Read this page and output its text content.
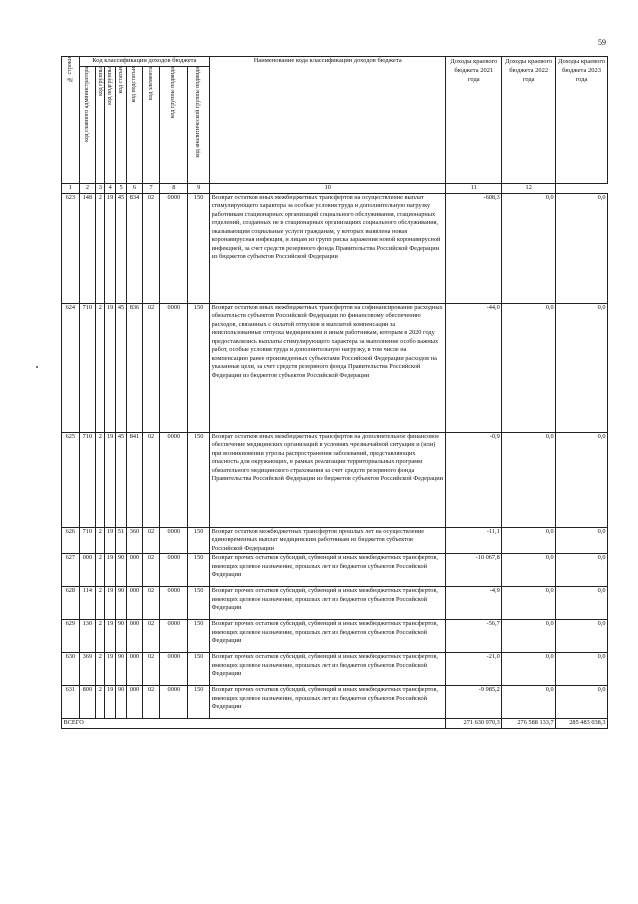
59
№ строки	Код классификации доходов бюджета								Наименование кода классификации доходов бюджета	Доходы краевого бюджета 2021 года	Доходы краевого бюджета 2022 года	Доходы краевого бюджета 2023 года

	код главного администратора	код группы	код подгруппы	код статьи	код подстатьи	код элемента	код группы подвида	код аналитической группы подвида				

1	2	3	4	5	6	7	8	9	10	11	12	
623	148	2	19	45	834	02	0000	150	Возврат остатков иных межбюджетных трансфертов на осуществление выплат стимулирующего характера за особые условия труда и дополнительную нагрузку работникам стационарных организаций социального обслуживания, стационарных отделений, созданных не в стационарных организациях социального обслуживания, оказывающим социальные услуги гражданам, у которых выявлена новая коронавирусная инфекция, и лицам из групп риска заражения новой коронавирусной инфекцией, за счет средств резервного фонда Правительства Российской Федерации из бюджетов субъектов Российской Федерации	-608,3	0,0	0,0
624	710	2	19	45	836	02	0000	150	Возврат остатков иных межбюджетных трансфертов на софинансирование расходных обязательств субъектов Российской Федерации по финансовому обеспечению расходов, связанных с оплатой отпусков и выплатой компенсации за неиспользованные отпуска медицинским и иным работникам, которым в 2020 году предоставлялись выплаты стимулирующего характера за выполнение особо важных работ, особые условия труда и дополнительную нагрузку, в том числе на компенсацию ранее произведенных субъектами Российской Федерации расходов на указанные цели, за счет средств резервного фонда Правительства Российской Федерации из бюджетов субъектов Российской Федерации	-44,0	0,0	0,0
625	710	2	19	45	841	02	0000	150	Возврат остатков иных межбюджетных трансфертов на дополнительное финансовое обеспечение медицинских организаций в условиях чрезвычайной ситуации и (или) при возникновении угрозы распространения заболеваний, представляющих опасность для окружающих, в рамках реализации территориальных программ обязательного медицинского страхования за счет средств резервного фонда Правительства Российской Федерации из бюджетов субъектов Российской Федерации	-0,9	0,0	0,0
626	710	2	19	51	360	02	0000	150	Возврат остатков межбюджетных трансфертов прошлых лет на осуществление единовременных выплат медицинским работникам из бюджетов субъектов Российской Федерации	-11,1	0,0	0,0
627	000	2	19	90	000	02	0000	150	Возврат прочих остатков субсидий, субвенций и иных межбюджетных трансфертов, имеющих целевое назначение, прошлых лет из бюджетов субъектов Российской Федерации	-10 067,8	0,0	0,0
628	114	2	19	90	000	02	0000	150	Возврат прочих остатков субсидий, субвенций и иных межбюджетных трансфертов, имеющих целевое назначение, прошлых лет из бюджетов субъектов Российской Федерации	-4,9	0,0	0,0
629	130	2	19	90	000	02	0000	150	Возврат прочих остатков субсидий, субвенций и иных межбюджетных трансфертов, имеющих целевое назначение, прошлых лет из бюджетов субъектов Российской Федерации	-56,7	0,0	0,0
630	369	2	19	90	000	02	0000	150	Возврат прочих остатков субсидий, субвенций и иных межбюджетных трансфертов, имеющих целевое назначение, прошлых лет из бюджетов субъектов Российской Федерации	-21,0	0,0	0,0
631	800	2	19	90	000	02	0000	150	Возврат прочих остатков субсидий, субвенций и иных межбюджетных трансфертов, имеющих целевое назначение, прошлых лет из бюджетов субъектов Российской Федерации	-9 985,2	0,0	0,0
ВСЕГО										271 630 970,3	276 588 133,7	285 483 038,3
